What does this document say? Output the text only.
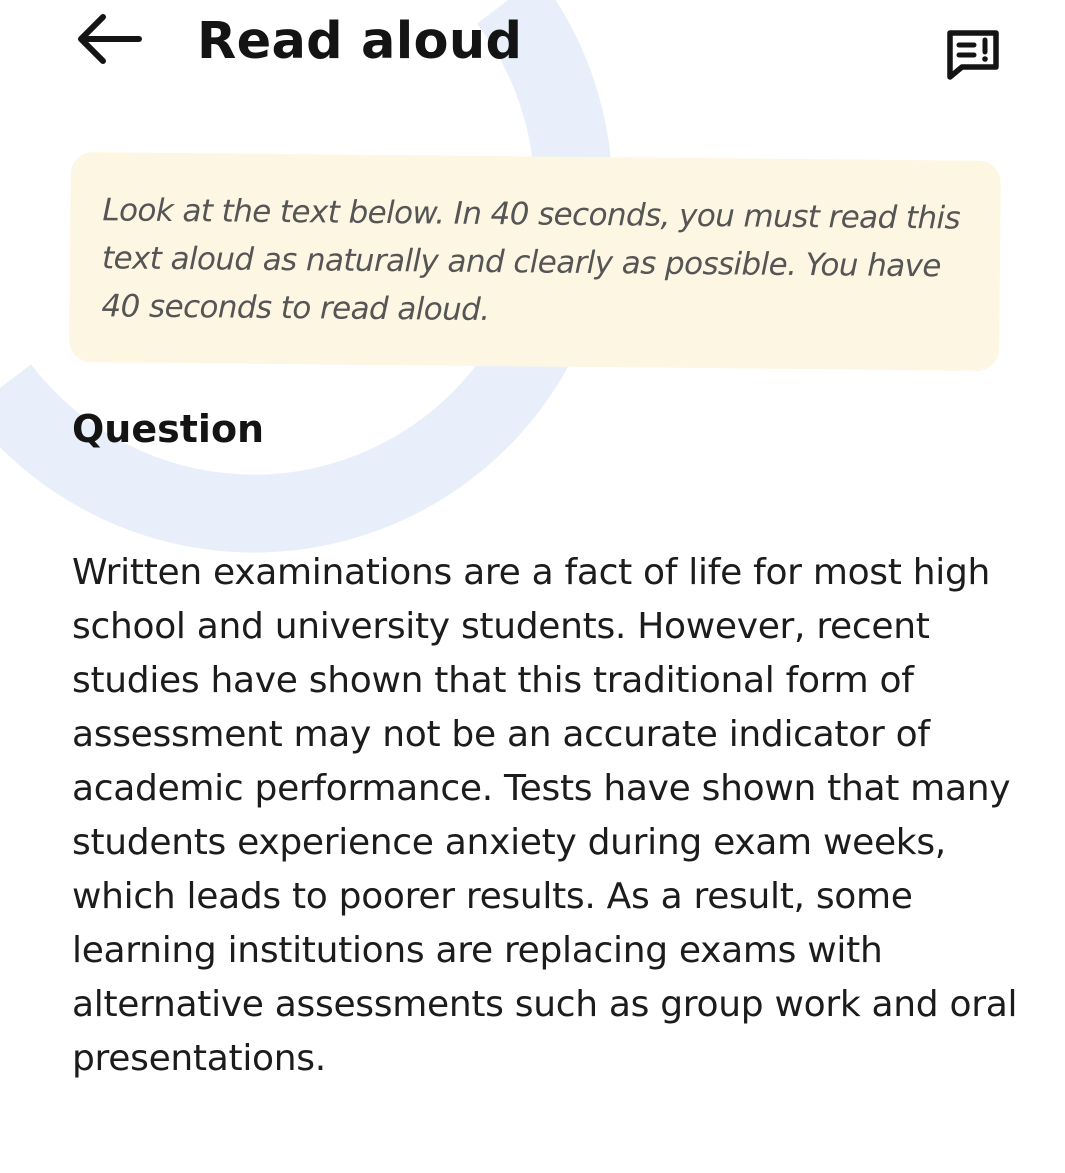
Read aloud

Look at the text below. In 40 seconds, you must read this text aloud as naturally and clearly as possible. You have 40 seconds to read aloud.

Question

Written examinations are a fact of life for most high school and university students. However, recent studies have shown that this traditional form of assessment may not be an accurate indicator of academic performance. Tests have shown that many students experience anxiety during exam weeks, which leads to poorer results. As a result, some learning institutions are replacing exams with alternative assessments such as group work and oral presentations.
